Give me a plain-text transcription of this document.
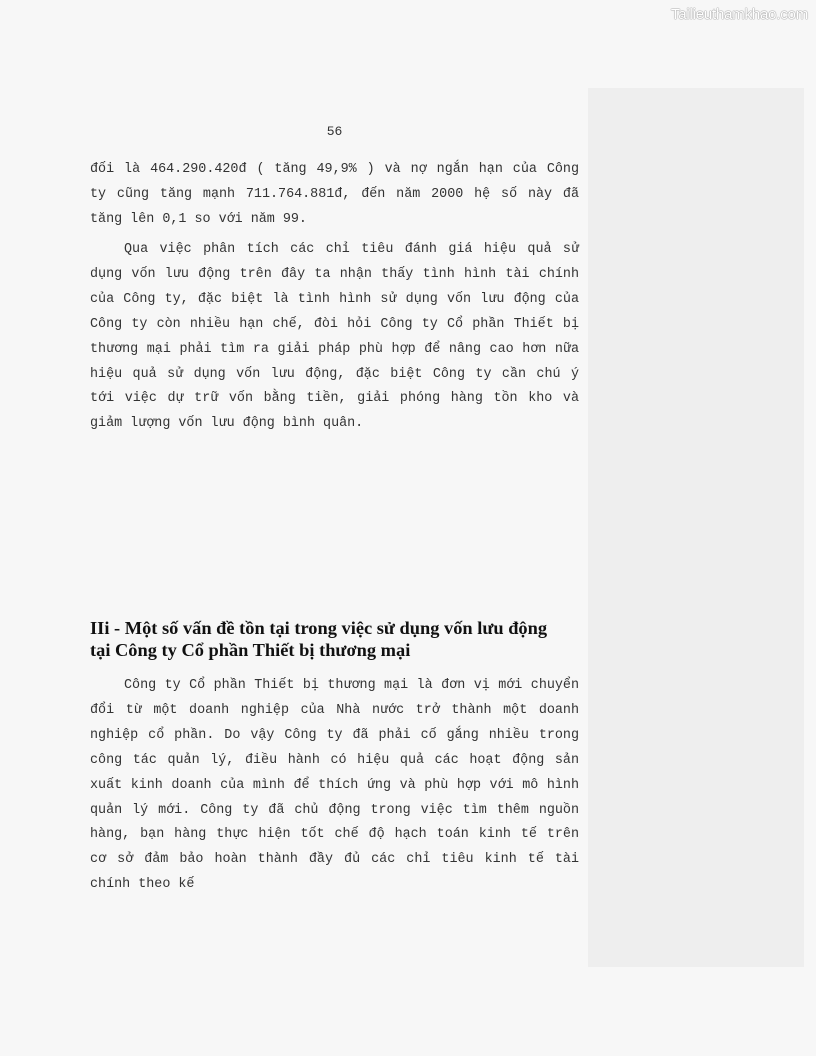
Tailieuthamkhao.com
56

đối là 464.290.420đ ( tăng 49,9% ) và nợ ngắn hạn của Công ty cũng tăng mạnh 711.764.881đ, đến năm 2000 hệ số này đã tăng lên 0,1 so với năm 99.

Qua việc phân tích các chỉ tiêu đánh giá hiệu quả sử dụng vốn lưu động trên đây ta nhận thấy tình hình tài chính của Công ty, đặc biệt là tình hình sử dụng vốn lưu động của Công ty còn nhiều hạn chế, đòi hỏi Công ty Cổ phần Thiết bị thương mại phải tìm ra giải pháp phù hợp để nâng cao hơn nữa hiệu quả sử dụng vốn lưu động, đặc biệt Công ty cần chú ý tới việc dự trữ vốn bằng tiền, giải phóng hàng tồn kho và giảm lượng vốn lưu động bình quân.

IIi - Một số vấn đề tồn tại trong việc sử dụng vốn lưu động
tại Công ty Cổ phần Thiết bị thương mại

Công ty Cổ phần Thiết bị thương mại là đơn vị mới chuyển đổi từ một doanh nghiệp của Nhà nước trở thành một doanh nghiệp cổ phần. Do vậy Công ty đã phải cố gắng nhiều trong công tác quản lý, điều hành có hiệu quả các hoạt động sản xuất kinh doanh của mình để thích ứng và phù hợp với mô hình quản lý mới. Công ty đã chủ động trong việc tìm thêm nguồn hàng, bạn hàng thực hiện tốt chế độ hạch toán kinh tế trên cơ sở đảm bảo hoàn thành đầy đủ các chỉ tiêu kinh tế tài chính theo kế
